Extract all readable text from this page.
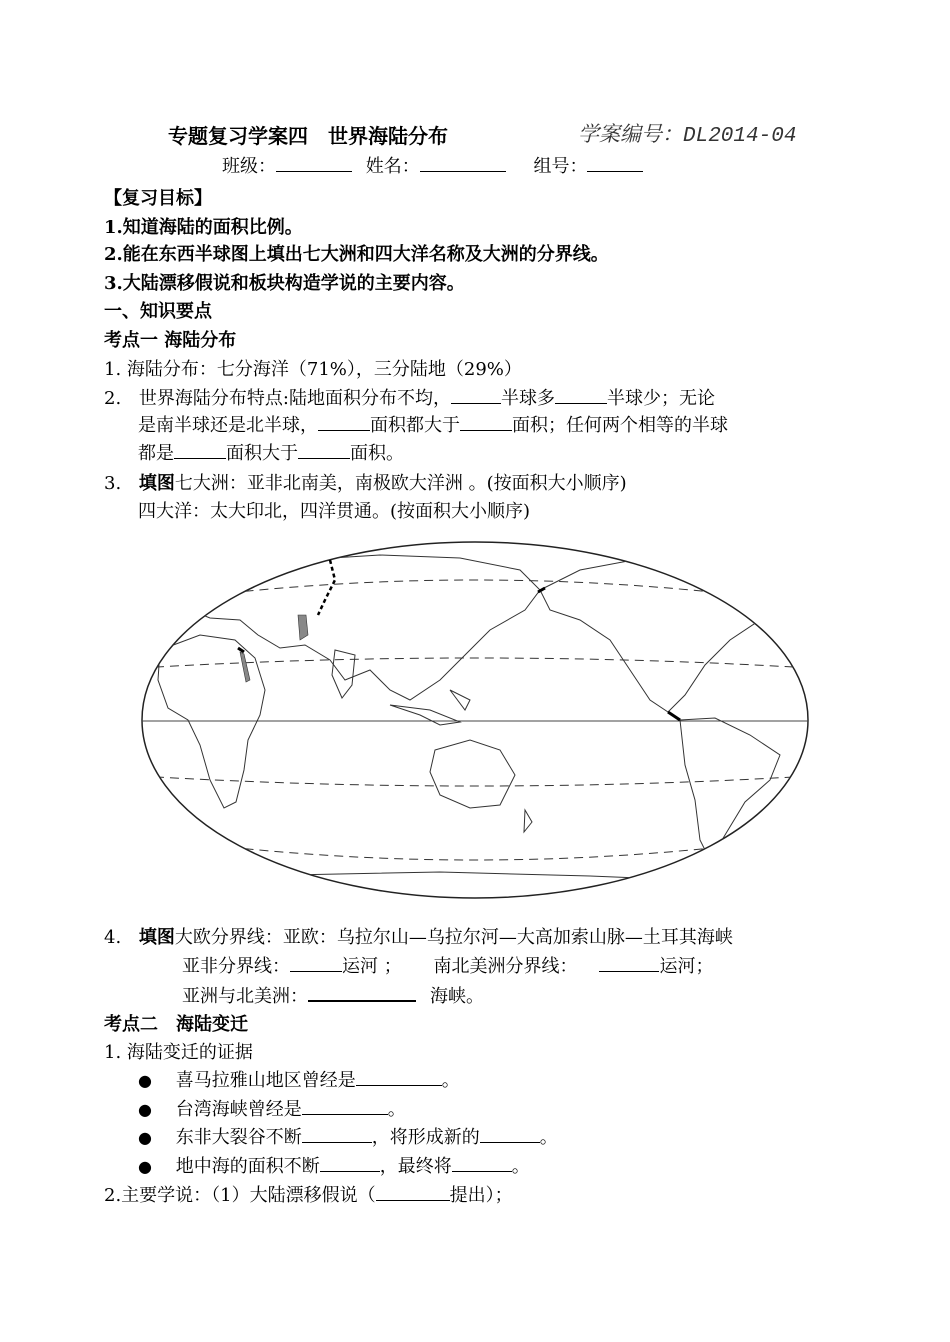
专题复习学案四　世界海陆分布	学案编号：DL2014-04
班级：	姓名：	组号：
【复习目标】
1.知道海陆的面积比例。
2.能在东西半球图上填出七大洲和四大洋名称及大洲的分界线。
3.大陆漂移假说和板块构造学说的主要内容。
一、知识要点
考点一 海陆分布
1. 海陆分布：七分海洋（71%），三分陆地（29%）
2. 世界海陆分布特点:陆地面积分布不均，	半球多	半球少；无论
是南半球还是北半球，	面积都大于	面积；任何两个相等的半球
都是	面积大于	面积。
3. 填图七大洲：亚非北南美，南极欧大洋洲 。(按面积大小顺序)
四大洋：太大印北，四洋贯通。(按面积大小顺序)
4. 填图大欧分界线：亚欧：乌拉尔山—乌拉尔河—大高加索山脉—土耳其海峡
亚非分界线：	运河 ； 南北美洲分界线：	运河；
亚洲与北美洲：	海峡。
考点二　海陆变迁
1. 海陆变迁的证据
● 喜马拉雅山地区曾经是	。
● 台湾海峡曾经是	。
● 东非大裂谷不断	，将形成新的	。
● 地中海的面积不断	，最终将	。
2.主要学说：（1）大陆漂移假说（	提出）；
